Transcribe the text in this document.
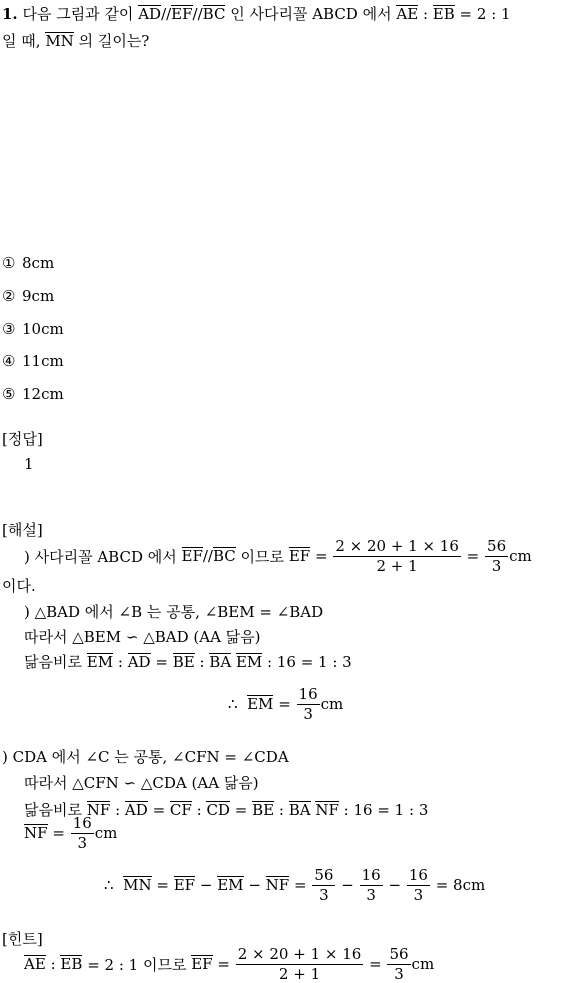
1. 다음 그림과 같이 AD//EF//BC 인 사다리꼴 ABCD 에서 AE : EB = 2 : 1
일 때, MN 의 길이는?
① 8cm
② 9cm
③ 10cm
④ 11cm
⑤ 12cm
[정답]
1
[해설]
) 사다리꼴 ABCD 에서
EF // BC
이므로
EF
=
$\frac{2 \times 20 + 1 \times 16}{2 + 1}$
=
$\frac{56}{3}$ cm
이다.
) △BAD 에서 ∠B 는 공통, ∠BEM = ∠BAD
따라서 △BEM ∽ △BAD (AA 닮음)
닮음비로 EM : AD = BE : BA EM : 16 = 1 : 3
∴
EM
=
$\frac{16}{3}$ cm
) CDA 에서 ∠C 는 공통, ∠CFN = ∠CDA
따라서 △CFN ∽ △CDA (AA 닮음)
닮음비로 NF : AD = CF : CD = BE : BA NF : 16 = 1 : 3
NF
=
$\frac{16}{3}$ cm
∴
MN
=
EF
−
EM
−
NF
=
$\frac{56}{3}$
−
$\frac{16}{3}$
−
$\frac{16}{3}$
= 8cm
[힌트]
AE
:
EB
= 2 : 1 이므로
EF
=
$\frac{2 \times 20 + 1 \times 16}{2 + 1}$
=
$\frac{56}{3}$ cm
